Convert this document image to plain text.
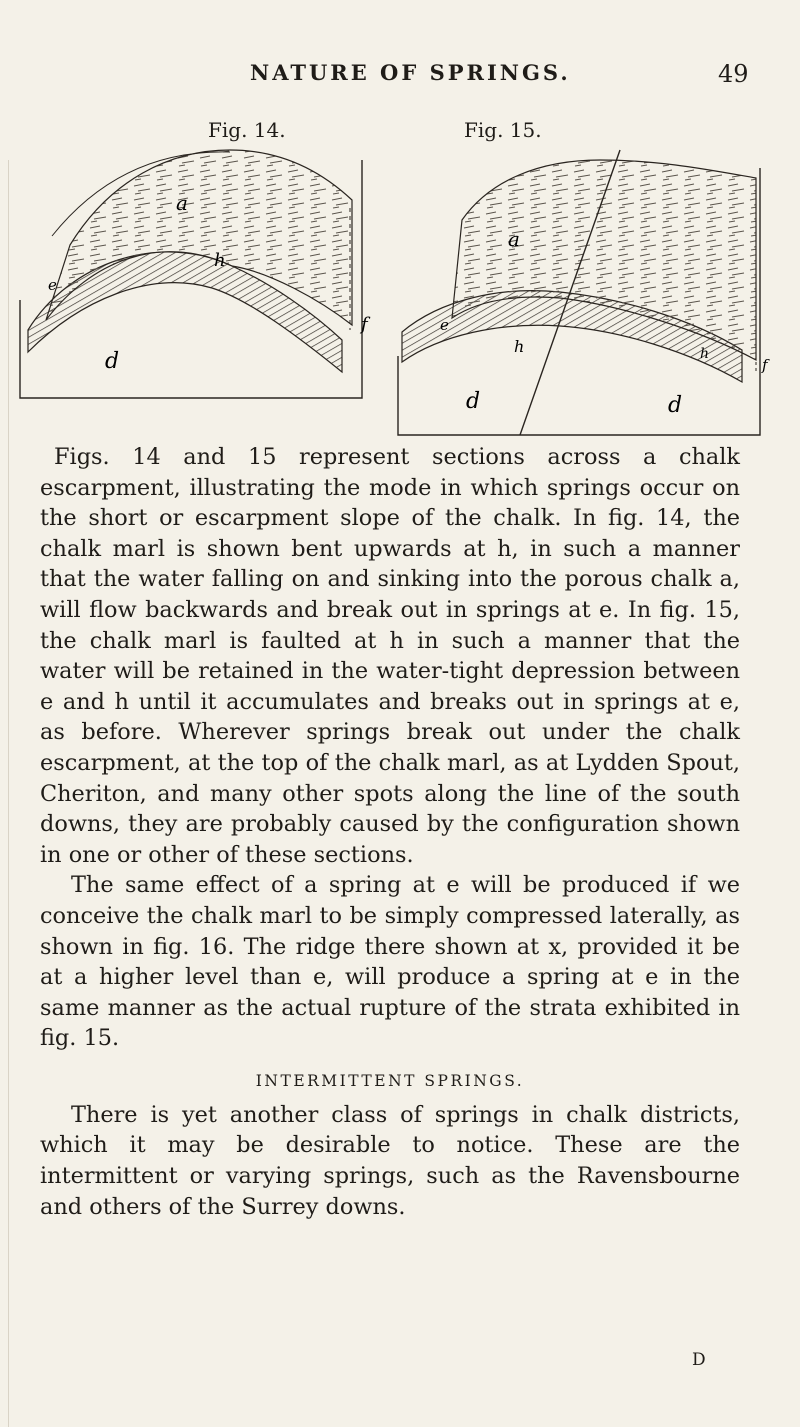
NATURE OF SPRINGS.	49
Fig. 14.	Fig. 15.
a
h
e
d
f
a
e
h
d	d
f
h

Figs. 14 and 15 represent sections across a chalk escarpment, illustrating the mode in which springs occur on the short or escarpment slope of the chalk. In fig. 14, the chalk marl is shown bent upwards at h, in such a manner that the water falling on and sinking into the porous chalk a, will flow backwards and break out in springs at e. In fig. 15, the chalk marl is faulted at h in such a manner that the water will be retained in the water-tight depression between e and h until it accumulates and breaks out in springs at e, as before. Wherever springs break out under the chalk escarpment, at the top of the chalk marl, as at Lydden Spout, Cheriton, and many other spots along the line of the south downs, they are probably caused by the configuration shown in one or other of these sections.

The same effect of a spring at e will be produced if we conceive the chalk marl to be simply compressed laterally, as shown in fig. 16. The ridge there shown at x, provided it be at a higher level than e, will produce a spring at e in the same manner as the actual rupture of the strata exhibited in fig. 15.

INTERMITTENT SPRINGS.

There is yet another class of springs in chalk districts, which it may be desirable to notice. These are the intermittent or varying springs, such as the Ravensbourne and others of the Surrey downs.

D
